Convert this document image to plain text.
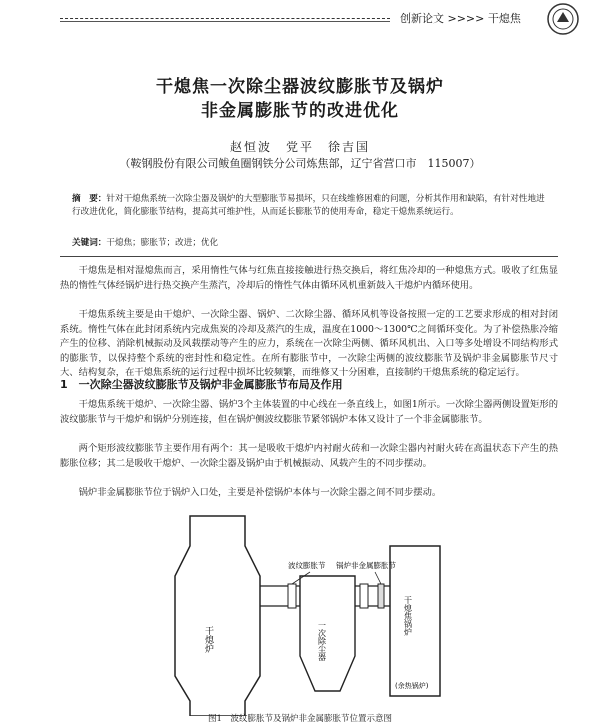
创新论文 >>>> 干熄焦
干熄焦一次除尘器波纹膨胀节及锅炉
非金属膨胀节的改进优化
赵恒波　党平　徐吉国
（鞍钢股份有限公司鲅鱼圈钢铁分公司炼焦部，辽宁省营口市　115007）
摘　要：针对干熄焦系统一次除尘器及锅炉的大型膨胀节易损坏，只在线维修困难的问题，分析其作用和缺陷，有针对性地进行改进优化，简化膨胀节结构，提高其可维护性，从而延长膨胀节的使用寿命，稳定干熄焦系统运行。
关键词：干熄焦；膨胀节；改进；优化
干熄焦是相对湿熄焦而言，采用惰性气体与红焦直接接触进行热交换后，将红焦冷却的一种熄焦方式。吸收了红焦显热的惰性气体经锅炉进行热交换产生蒸汽，冷却后的惰性气体由循环风机重新鼓入干熄炉内循环使用。
干熄焦系统主要是由干熄炉、一次除尘器、锅炉、二次除尘器、循环风机等设备按照一定的工艺要求形成的相对封闭系统。惰性气体在此封闭系统内完成焦炭的冷却及蒸汽的生成，温度在1000～1300℃之间循环变化。为了补偿热胀冷缩产生的位移、消除机械振动及风载摆动等产生的应力，系统在一次除尘两侧、循环风机出、入口等多处增设不同结构形式的膨胀节，以保持整个系统的密封性和稳定性。在所有膨胀节中，一次除尘两侧的波纹膨胀节及锅炉非金属膨胀节尺寸大、结构复杂，在干熄焦系统的运行过程中损坏比较频繁，而维修又十分困难，直接制约干熄焦系统的稳定运行。
1　一次除尘器波纹膨胀节及锅炉非金属膨胀节布局及作用
干熄焦系统干熄炉、一次除尘器、锅炉3个主体装置的中心线在一条直线上，如图1所示。一次除尘器两侧设置矩形的波纹膨胀节与干熄炉和锅炉分别连接，但在锅炉侧波纹膨胀节紧邻锅炉本体又设计了一个非金属膨胀节。
两个矩形波纹膨胀节主要作用有两个：其一是吸收干熄炉内衬耐火砖和一次除尘器内衬耐火砖在高温状态下产生的热膨胀位移；其二是吸收干熄炉、一次除尘器及锅炉由于机械振动、风载产生的不同步摆动。
锅炉非金属膨胀节位于锅炉入口处，主要是补偿锅炉本体与一次除尘器之间不同步摆动。
干熄炉	一次除尘器
干熄焦锅炉
(余热锅炉)
波纹膨胀节 锅炉非金属膨胀节
图1　波纹膨胀节及锅炉非金属膨胀节位置示意图
